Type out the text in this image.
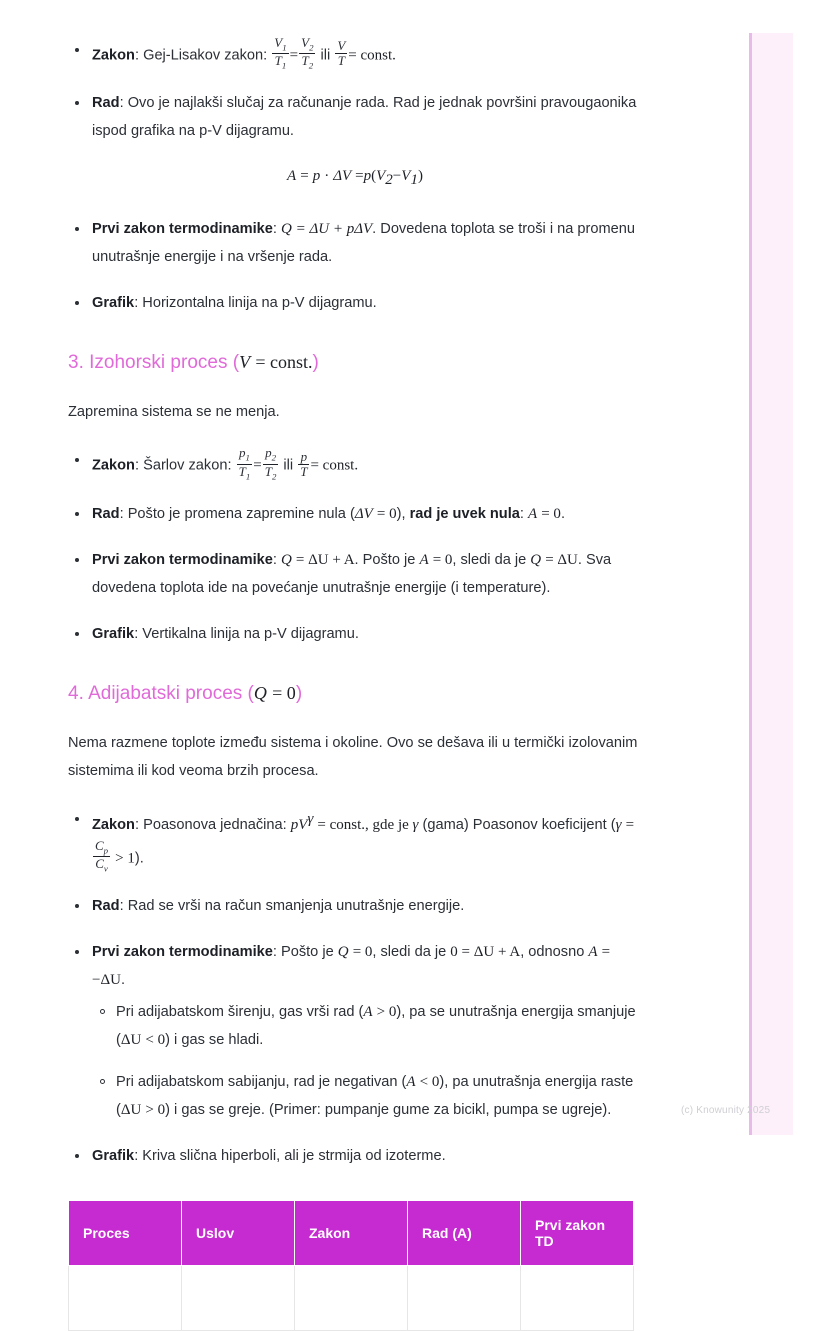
Zakon: Gej-Lisakov zakon: $\frac{V_1}{T_1} = \frac{V_2}{T_2}$ ili $\frac{V}{T}$ = const.
Rad: Ovo je najlakši slučaj za računanje rada. Rad je jednak površini pravougaonika ispod grafika na p-V dijagramu.
$A = p \cdot \Delta V =p(V_2-V_1)$
Prvi zakon termodinamike: Q = ΔU + pΔV. Dovedena toplota se troši i na promenu unutrašnje energije i na vršenje rada.
Grafik: Horizontalna linija na p-V dijagramu.
3. Izohorski proces (V = const.)

Zapremina sistema se ne menja.

Zakon: Šarlov zakon: $\frac{p_1}{T_1} = \frac{p_2}{T_2}$ ili $\frac{p}{T}$ = const.
Rad: Pošto je promena zapremine nula (ΔV = 0), rad je uvek nula: A = 0.
Prvi zakon termodinamike: Q = ΔU + A. Pošto je A = 0, sledi da je Q = ΔU. Sva dovedena toplota ide na povećanje unutrašnje energije (i temperature).
Grafik: Vertikalna linija na p-V dijagramu.
4. Adijabatski proces (Q = 0)

Nema razmene toplote između sistema i okoline. Ovo se dešava ili u termički izolovanim sistemima ili kod veoma brzih procesa.

Zakon: Poasonova jednačina: $pV^\gamma$ = const., gde je γ (gama) Poasonov koeficijent (γ =
$\frac{C_p}{C_v} > 1$).
Rad: Rad se vrši na račun smanjenja unutrašnje energije.
Prvi zakon termodinamike: Pošto je Q = 0, sledi da je 0 = ΔU + A, odnosno A = −ΔU.
Pri adijabatskom širenju, gas vrši rad (A > 0), pa se unutrašnja energija smanjuje (ΔU < 0) i gas se hladi.
Pri adijabatskom sabijanju, rad je negativan (A < 0), pa unutrašnja energija raste (ΔU > 0) i gas se greje. (Primer: pumpanje gume za bicikl, pumpa se ugreje).
Grafik: Kriva slična hiperboli, ali je strmija od izoterme.
Proces	Uslov	Zakon	Rad (A)	Prvi zakon TD

(c) Knowunity 2025
